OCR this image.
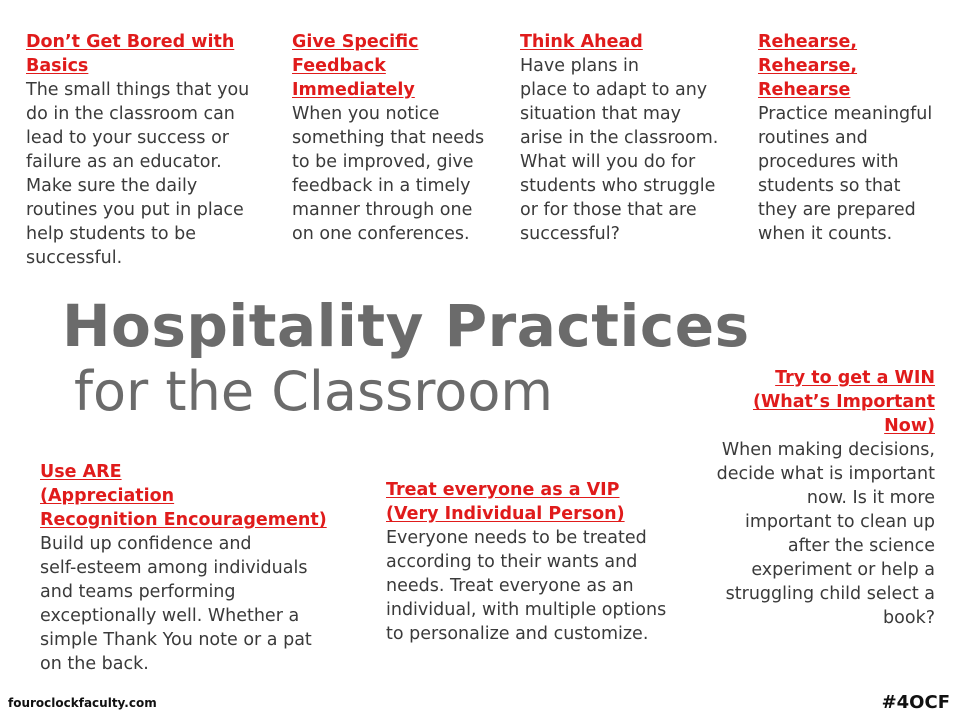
Don’t Get Bored with
Basics
The small things that you
do in the classroom can
lead to your success or
failure as an educator.
Make sure the daily
routines you put in place
help students to be
successful.
Give Specific
Feedback
Immediately
When you notice
something that needs
to be improved, give
feedback in a timely
manner through one
on one conferences.
Think Ahead
Have plans in
place to adapt to any
situation that may
arise in the classroom.
What will you do for
students who struggle
or for those that are
successful?
Rehearse,
Rehearse,
Rehearse
Practice meaningful
routines and
procedures with
students so that
they are prepared
when it counts.
Hospitality Practices
for the Classroom	Try to get a WIN
(What’s Important
Now)
When making decisions,
decide what is important
now. Is it more
important to clean up
after the science
experiment or help a
struggling child select a
book?
Use ARE
(Appreciation
Recognition Encouragement)
Build up confidence and
self-esteem among individuals
and teams performing
exceptionally well. Whether a
simple Thank You note or a pat
on the back.
Treat everyone as a VIP
(Very Individual Person)
Everyone needs to be treated
according to their wants and
needs. Treat everyone as an
individual, with multiple options
to personalize and customize.
fouroclockfaculty.com	#4OCF
